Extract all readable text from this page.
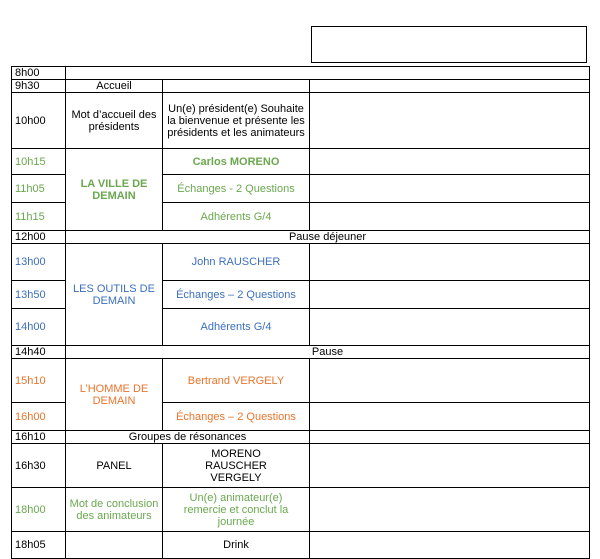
8h00			
9h30	Accueil		
10h00	Mot d’accueil des présidents	Un(e) président(e) Souhaite la bienvenue et présente les présidents et les animateurs	
10h15	LA VILLE DE DEMAIN	Carlos MORENO	
11h05		Échanges - 2 Questions	
11h15		Adhérents G/4	
12h00	Pause déjeuner		
13h00	LES OUTILS DE DEMAIN	John RAUSCHER	
13h50		Échanges – 2 Questions	
14h00		Adhérents G/4	
14h40	Pause		
15h10	L’HOMME DE DEMAIN	Bertrand VERGELY	
16h00		Échanges – 2 Questions	
16h10	Groupes de résonances		
16h30	PANEL	MORENO RAUSCHER VERGELY	
18h00	Mot de conclusion des animateurs	Un(e) animateur(e) remercie et conclut la journée	
18h05		Drink	
